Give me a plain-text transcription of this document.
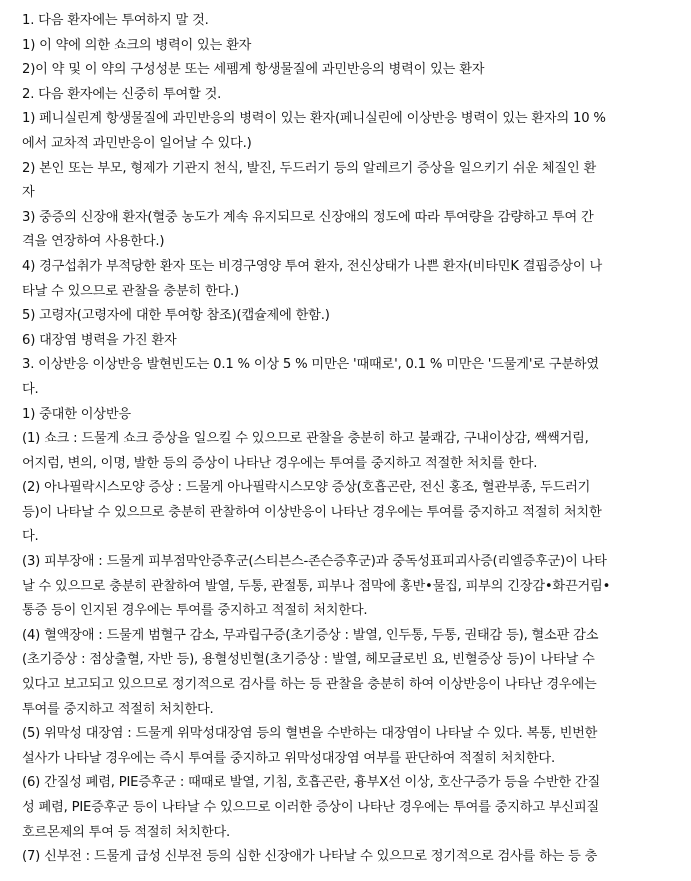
1. 다음 환자에는 투여하지 말 것.
1) 이 약에 의한 쇼크의 병력이 있는 환자
2)이 약 및 이 약의 구성성분 또는 세펨계 항생물질에 과민반응의 병력이 있는 환자
2. 다음 환자에는 신중히 투여할 것.
1) 페니실린계 항생물질에 과민반응의 병력이 있는 환자(페니실린에 이상반응 병력이 있는 환자의 10 %
에서 교차적 과민반응이 일어날 수 있다.)
2) 본인 또는 부모, 형제가 기관지 천식, 발진, 두드러기 등의 알레르기 증상을 일으키기 쉬운 체질인 환
자
3) 중증의 신장애 환자(혈중 농도가 계속 유지되므로 신장애의 정도에 따라 투여량을 감량하고 투여 간
격을 연장하여 사용한다.)
4) 경구섭취가 부적당한 환자 또는 비경구영양 투여 환자, 전신상태가 나쁜 환자(비타민K 결핍증상이 나
타날 수 있으므로 관찰을 충분히 한다.)
5) 고령자(고령자에 대한 투여항 참조)(캡슐제에 한함.)
6) 대장염 병력을 가진 환자
3. 이상반응 이상반응 발현빈도는 0.1 % 이상 5 % 미만은 '때때로', 0.1 % 미만은 '드물게'로 구분하였
다.
1) 중대한 이상반응
(1) 쇼크 : 드물게 쇼크 증상을 일으킬 수 있으므로 관찰을 충분히 하고 불쾌감, 구내이상감, 쌕쌕거림,
어지럼, 변의, 이명, 발한 등의 증상이 나타난 경우에는 투여를 중지하고 적절한 처치를 한다.
(2) 아나필락시스모양 증상 : 드물게 아나필락시스모양 증상(호흡곤란, 전신 홍조, 혈관부종, 두드러기
등)이 나타날 수 있으므로 충분히 관찰하여 이상반응이 나타난 경우에는 투여를 중지하고 적절히 처치한
다.
(3) 피부장애 : 드물게 피부점막안증후군(스티븐스-존슨증후군)과 중독성표피괴사증(리엘증후군)이 나타
날 수 있으므로 충분히 관찰하여 발열, 두통, 관절통, 피부나 점막에 홍반•물집, 피부의 긴장감•화끈거림•
통증 등이 인지된 경우에는 투여를 중지하고 적절히 처치한다.
(4) 혈액장애 : 드물게 범혈구 감소, 무과립구증(초기증상 : 발열, 인두통, 두통, 권태감 등), 혈소판 감소
(초기증상 : 점상출혈, 자반 등), 용혈성빈혈(초기증상 : 발열, 헤모글로빈 요, 빈혈증상 등)이 나타날 수
있다고 보고되고 있으므로 정기적으로 검사를 하는 등 관찰을 충분히 하여 이상반응이 나타난 경우에는
투여를 중지하고 적절히 처치한다.
(5) 위막성 대장염 : 드물게 위막성대장염 등의 혈변을 수반하는 대장염이 나타날 수 있다. 복통, 빈번한
설사가 나타날 경우에는 즉시 투여를 중지하고 위막성대장염 여부를 판단하여 적절히 처치한다.
(6) 간질성 폐렴, PIE증후군 : 때때로 발열, 기침, 호흡곤란, 흉부X선 이상, 호산구증가 등을 수반한 간질
성 폐렴, PIE증후군 등이 나타날 수 있으므로 이러한 증상이 나타난 경우에는 투여를 중지하고 부신피질
호르몬제의 투여 등 적절히 처치한다.
(7) 신부전 : 드물게 급성 신부전 등의 심한 신장애가 나타날 수 있으므로 정기적으로 검사를 하는 등 충
